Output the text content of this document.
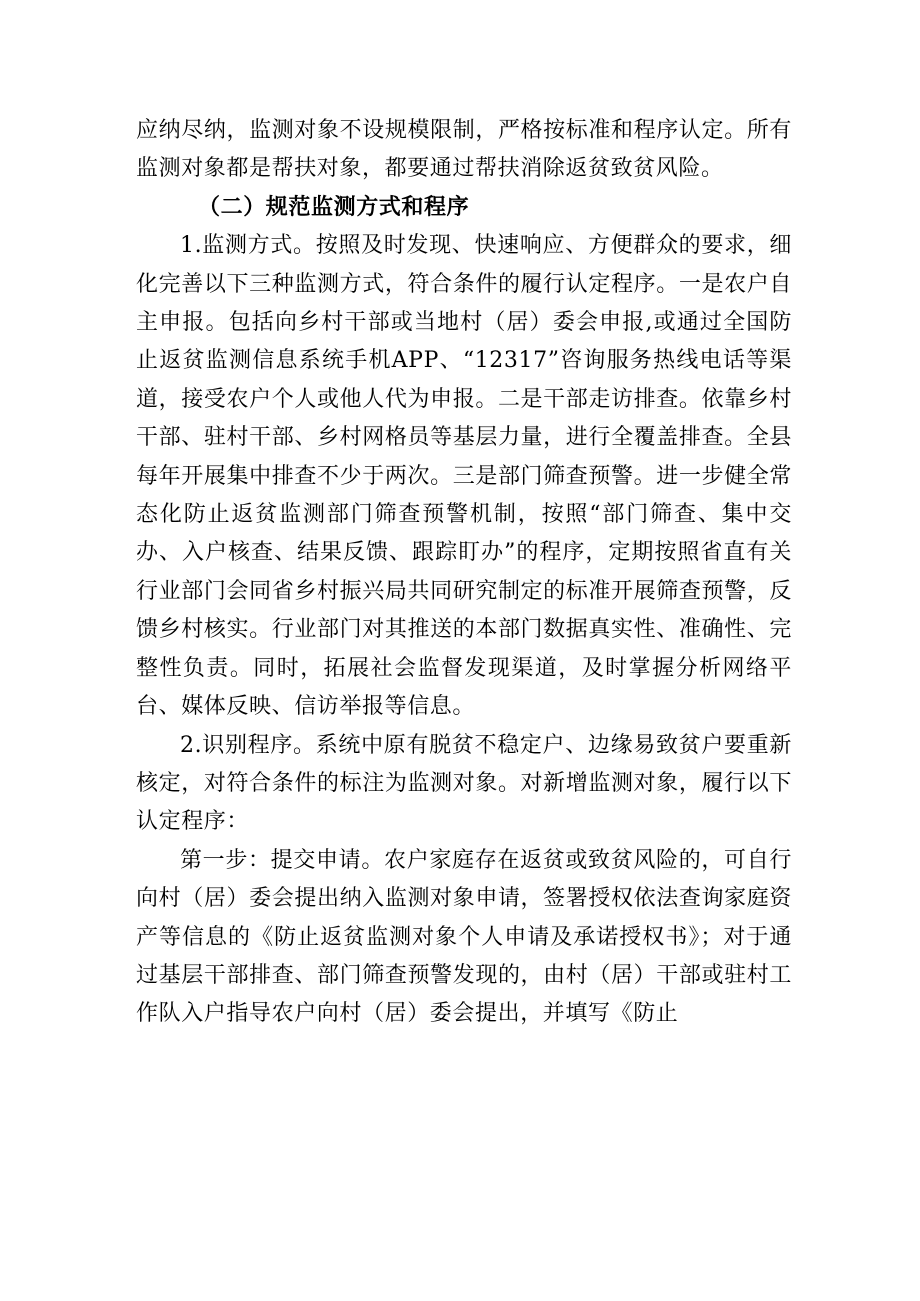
应纳尽纳，监测对象不设规模限制，严格按标准和程序认定。所有监测对象都是帮扶对象，都要通过帮扶消除返贫致贫风险。

（二）规范监测方式和程序

1.监测方式。按照及时发现、快速响应、方便群众的要求，细化完善以下三种监测方式，符合条件的履行认定程序。一是农户自主申报。包括向乡村干部或当地村（居）委会申报,或通过全国防止返贫监测信息系统手机APP、“12317”咨询服务热线电话等渠道，接受农户个人或他人代为申报。二是干部走访排查。依靠乡村干部、驻村干部、乡村网格员等基层力量，进行全覆盖排查。全县每年开展集中排查不少于两次。三是部门筛查预警。进一步健全常态化防止返贫监测部门筛查预警机制，按照“部门筛查、集中交办、入户核查、结果反馈、跟踪盯办”的程序，定期按照省直有关行业部门会同省乡村振兴局共同研究制定的标准开展筛查预警，反馈乡村核实。行业部门对其推送的本部门数据真实性、准确性、完整性负责。同时，拓展社会监督发现渠道，及时掌握分析网络平台、媒体反映、信访举报等信息。

2.识别程序。系统中原有脱贫不稳定户、边缘易致贫户要重新核定，对符合条件的标注为监测对象。对新增监测对象，履行以下认定程序：

第一步：提交申请。农户家庭存在返贫或致贫风险的，可自行向村（居）委会提出纳入监测对象申请，签署授权依法查询家庭资产等信息的《防止返贫监测对象个人申请及承诺授权书》；对于通过基层干部排查、部门筛查预警发现的，由村（居）干部或驻村工作队入户指导农户向村（居）委会提出，并填写《防止
